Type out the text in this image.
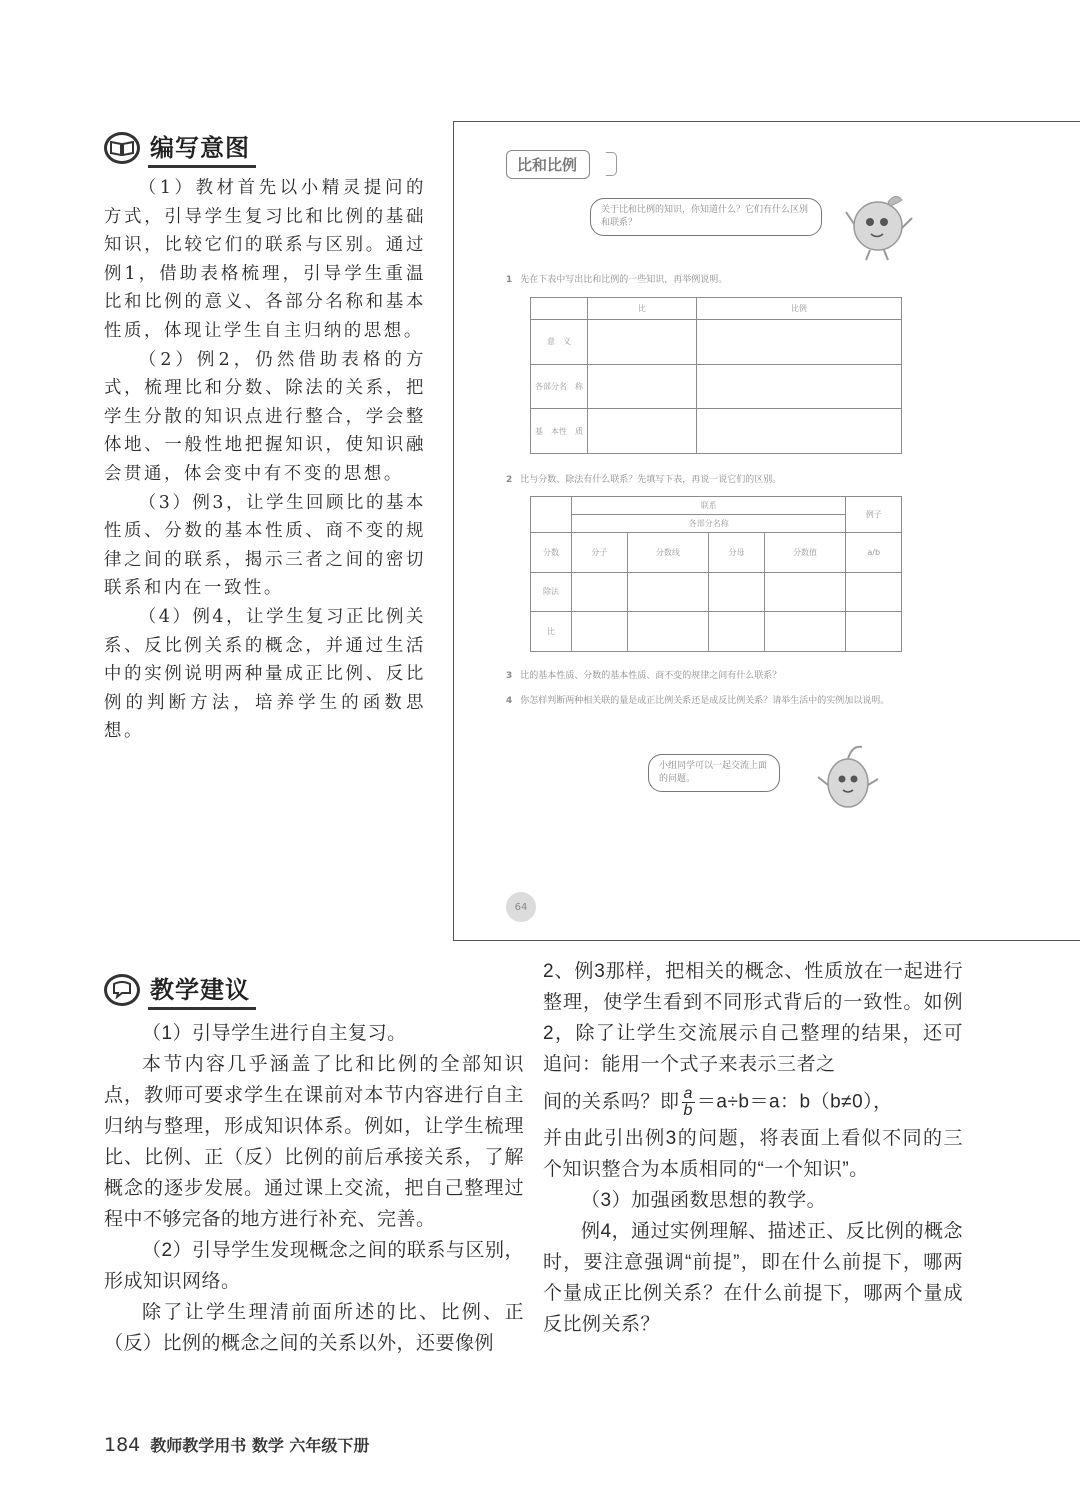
编写意图

（1）教材首先以小精灵提问的方式，引导学生复习比和比例的基础知识，比较它们的联系与区别。通过例1，借助表格梳理，引导学生重温比和比例的意义、各部分名称和基本性质，体现让学生自主归纳的思想。

（2）例2，仍然借助表格的方式，梳理比和分数、除法的关系，把学生分散的知识点进行整合，学会整体地、一般性地把握知识，使知识融会贯通，体会变中有不变的思想。

（3）例3，让学生回顾比的基本性质、分数的基本性质、商不变的规律之间的联系，揭示三者之间的密切联系和内在一致性。

（4）例4，让学生复习正比例关系、反比例关系的概念，并通过生活中的实例说明两种量成正比例、反比例的判断方法，培养学生的函数思想。

比和比例
关于比和比例的知识，你知道什么？它们有什么区别和联系？
1 先在下表中写出比和比例的一些知识，再举例说明。
	比	比例
意　义		
各部分名　称		
基　本性　质		
2 比与分数、除法有什么联系？先填写下表，再说一说它们的区别。
	联系				例子
	各部分名称				
分数	分子	分数线	分母	分数值	a/b
除法					
比					
3 比的基本性质、分数的基本性质、商不变的规律之间有什么联系？
4 你怎样判断两种相关联的量是成正比例关系还是成反比例关系？请举生活中的实例加以说明。
小组同学可以一起交流上面的问题。
64
教学建议

（1）引导学生进行自主复习。

本节内容几乎涵盖了比和比例的全部知识点，教师可要求学生在课前对本节内容进行自主归纳与整理，形成知识体系。例如，让学生梳理比、比例、正（反）比例的前后承接关系，了解概念的逐步发展。通过课上交流，把自己整理过程中不够完备的地方进行补充、完善。

（2）引导学生发现概念之间的联系与区别，形成知识网络。

除了让学生理清前面所述的比、比例、正（反）比例的概念之间的关系以外，还要像例

2、例3那样，把相关的概念、性质放在一起进行整理，使学生看到不同形式背后的一致性。如例2，除了让学生交流展示自己整理的结果，还可追问：能用一个式子来表示三者之

间的关系吗？即 $\frac{a}{b} =a\div b=a$：b（b≠0），

并由此引出例3的问题，将表面上看似不同的三个知识整合为本质相同的“一个知识”。

（3）加强函数思想的教学。

例4，通过实例理解、描述正、反比例的概念时，要注意强调“前提”，即在什么前提下，哪两个量成正比例关系？在什么前提下，哪两个量成反比例关系？

184 教师教学用书 数学 六年级下册
